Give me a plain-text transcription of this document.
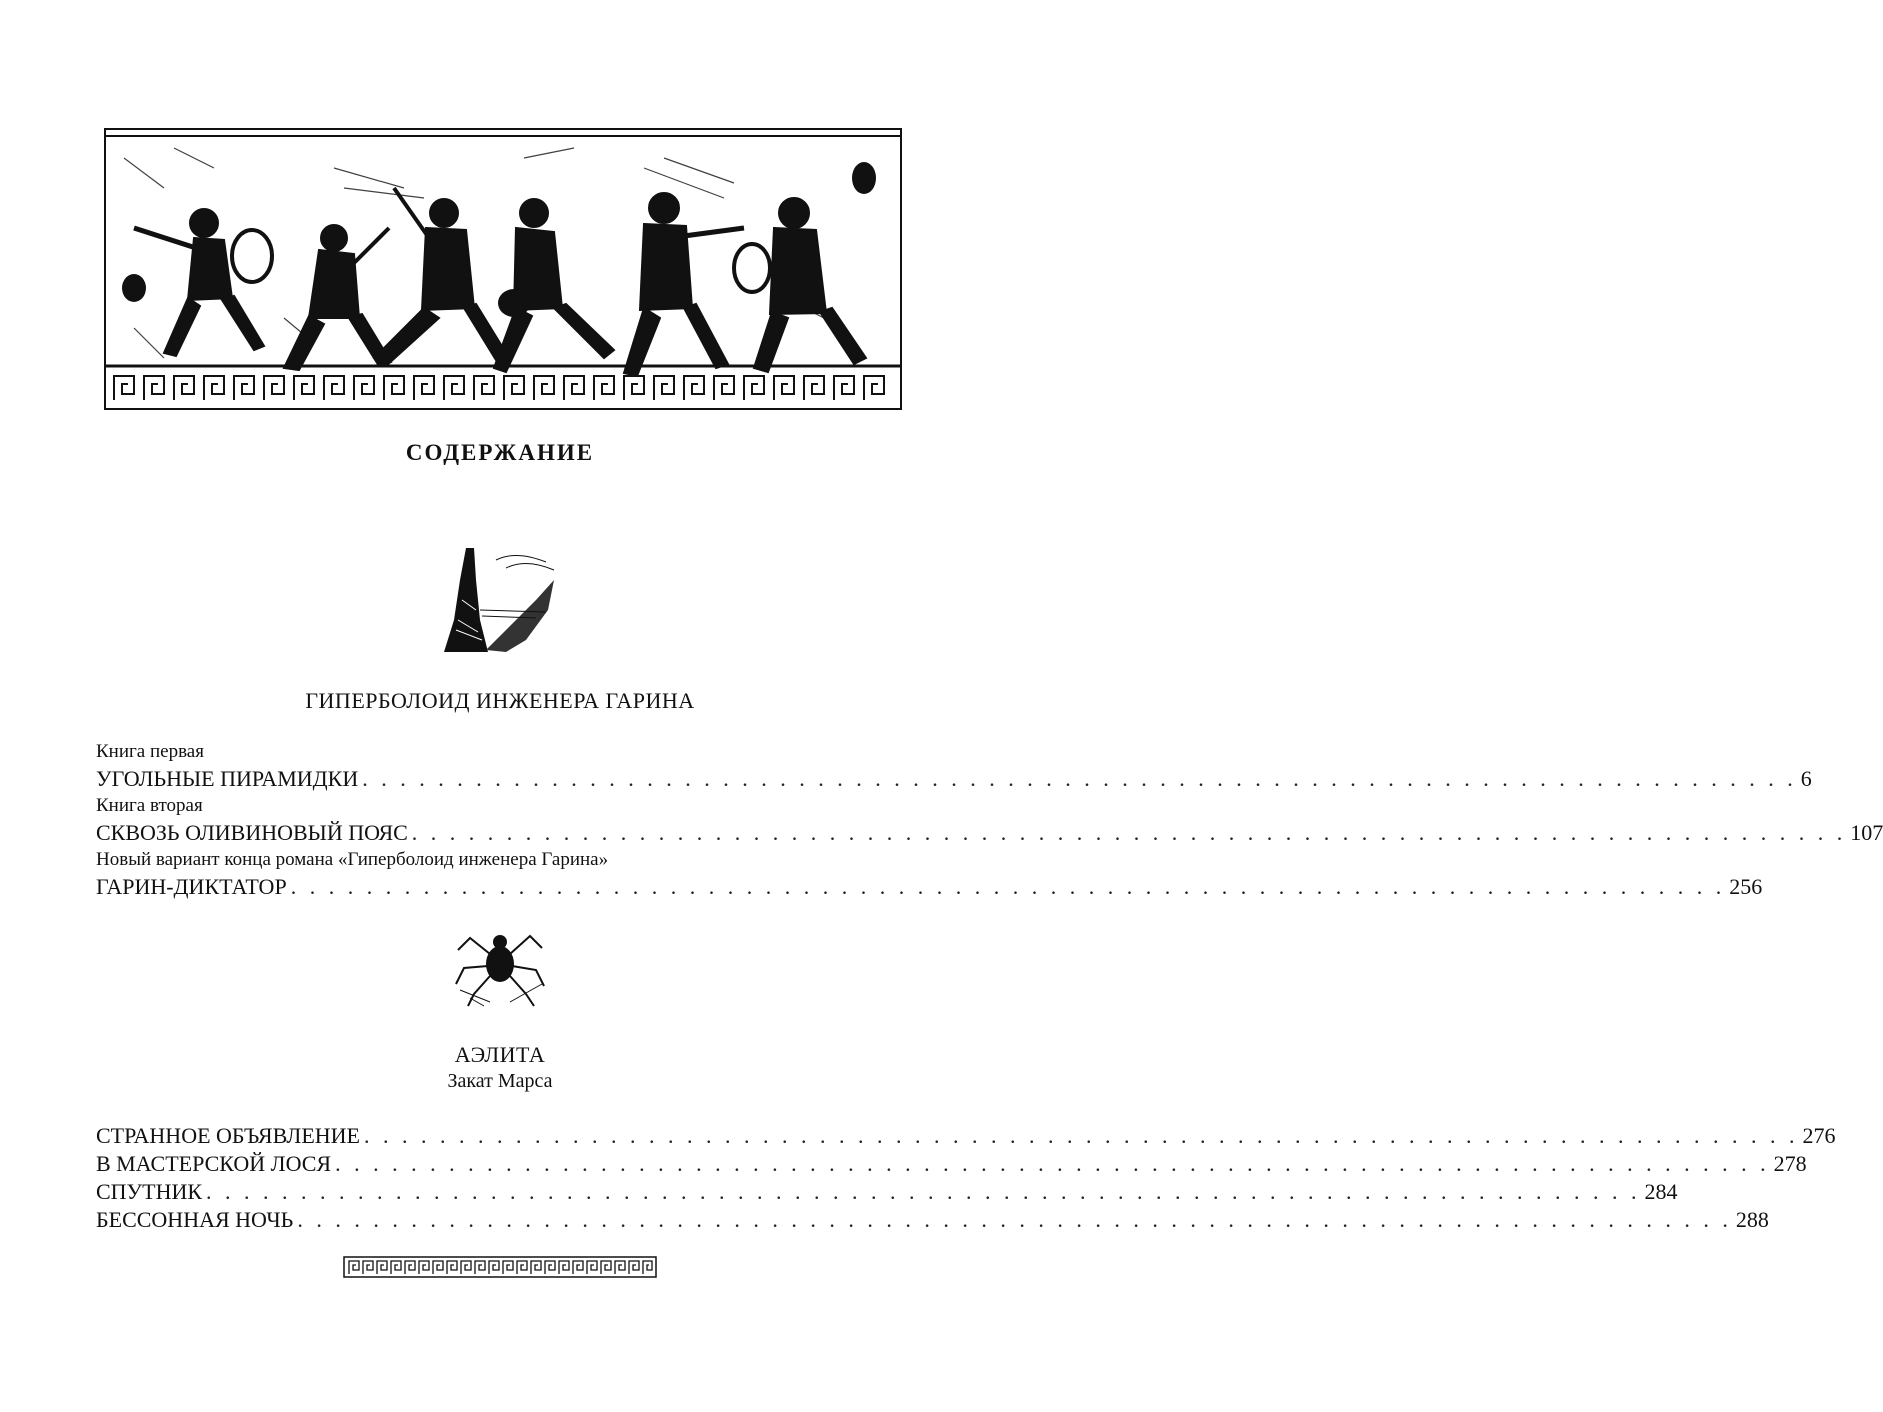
СОДЕРЖАНИЕ
ГИПЕРБОЛОИД ИНЖЕНЕРА ГАРИНА
Книга первая
УГОЛЬНЫЕ ПИРАМИДКИ . . . . . . . . . . . . . . . . . . . . . . . . . . . . . . . . . . . . . . . . . . . . . . . . . . . . . . . . . . . . . . . . . . . . . . . . . . . . 6
Книга вторая
СКВОЗЬ ОЛИВИНОВЫЙ ПОЯС . . . . . . . . . . . . . . . . . . . . . . . . . . . . . . . . . . . . . . . . . . . . . . . . . . . . . . . . . . . . . . . . . . . . . . . . . . . . 107
Новый вариант конца романа «Гиперболоид инженера Гарина»
ГАРИН-ДИКТАТОР . . . . . . . . . . . . . . . . . . . . . . . . . . . . . . . . . . . . . . . . . . . . . . . . . . . . . . . . . . . . . . . . . . . . . . . . . . . . 256
АЭЛИТА
Закат Марса
СТРАННОЕ ОБЪЯВЛЕНИЕ . . . . . . . . . . . . . . . . . . . . . . . . . . . . . . . . . . . . . . . . . . . . . . . . . . . . . . . . . . . . . . . . . . . . . . . . . . . . 276
В МАСТЕРСКОЙ ЛОСЯ . . . . . . . . . . . . . . . . . . . . . . . . . . . . . . . . . . . . . . . . . . . . . . . . . . . . . . . . . . . . . . . . . . . . . . . . . . . . 278
СПУТНИК . . . . . . . . . . . . . . . . . . . . . . . . . . . . . . . . . . . . . . . . . . . . . . . . . . . . . . . . . . . . . . . . . . . . . . . . . . . . 284
БЕССОННАЯ НОЧЬ . . . . . . . . . . . . . . . . . . . . . . . . . . . . . . . . . . . . . . . . . . . . . . . . . . . . . . . . . . . . . . . . . . . . . . . . . . . . 288
